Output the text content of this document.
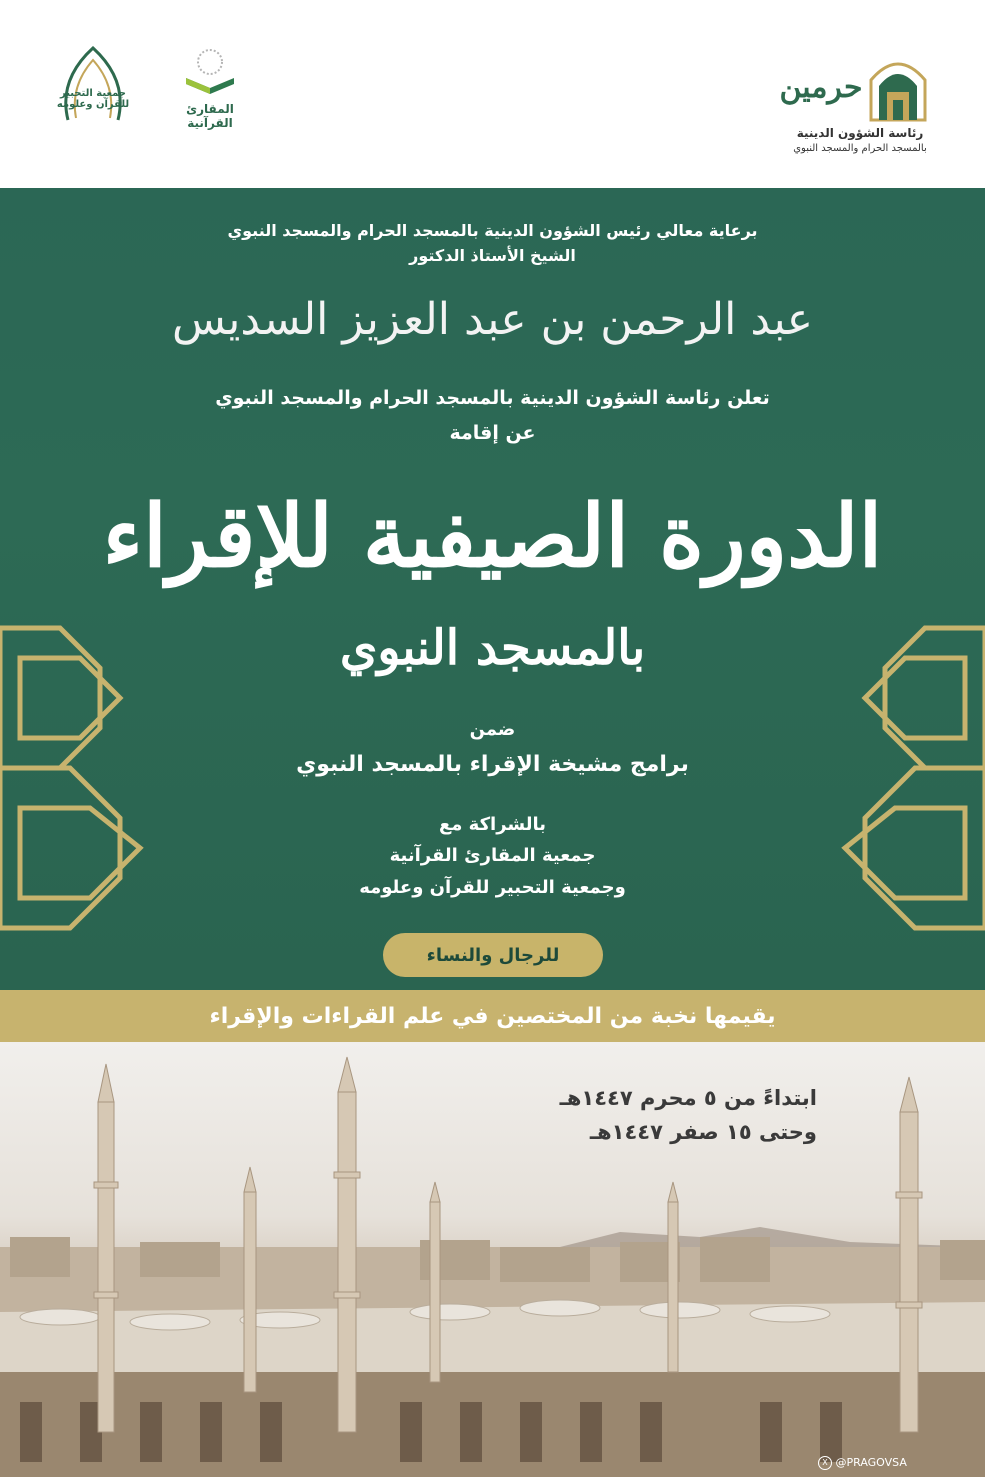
حرمين
رئاسة الشؤون الدينية
بالمسجد الحرام والمسجد النبوي
المقارئ القرآنية
جمعية التحبير للقرآن وعلومه
برعاية معالي رئيس الشؤون الدينية بالمسجد الحرام والمسجد النبوي
الشيخ الأستاذ الدكتور
عبد الرحمن بن عبد العزيز السديس
تعلن رئاسة الشؤون الدينية بالمسجد الحرام والمسجد النبوي
عن إقامة
الدورة الصيفية للإقراء
بالمسجد النبوي
ضمن
برامج مشيخة الإقراء بالمسجد النبوي
بالشراكة مع
جمعية المقارئ القرآنية
وجمعية التحبير للقرآن وعلومه
للرجال والنساء
يقيمها نخبة من المختصين في علم القراءات والإقراء
ابتداءً من ٥ محرم ١٤٤٧هـ
وحتى ١٥ صفر ١٤٤٧هـ
X @PRAGOVSA
